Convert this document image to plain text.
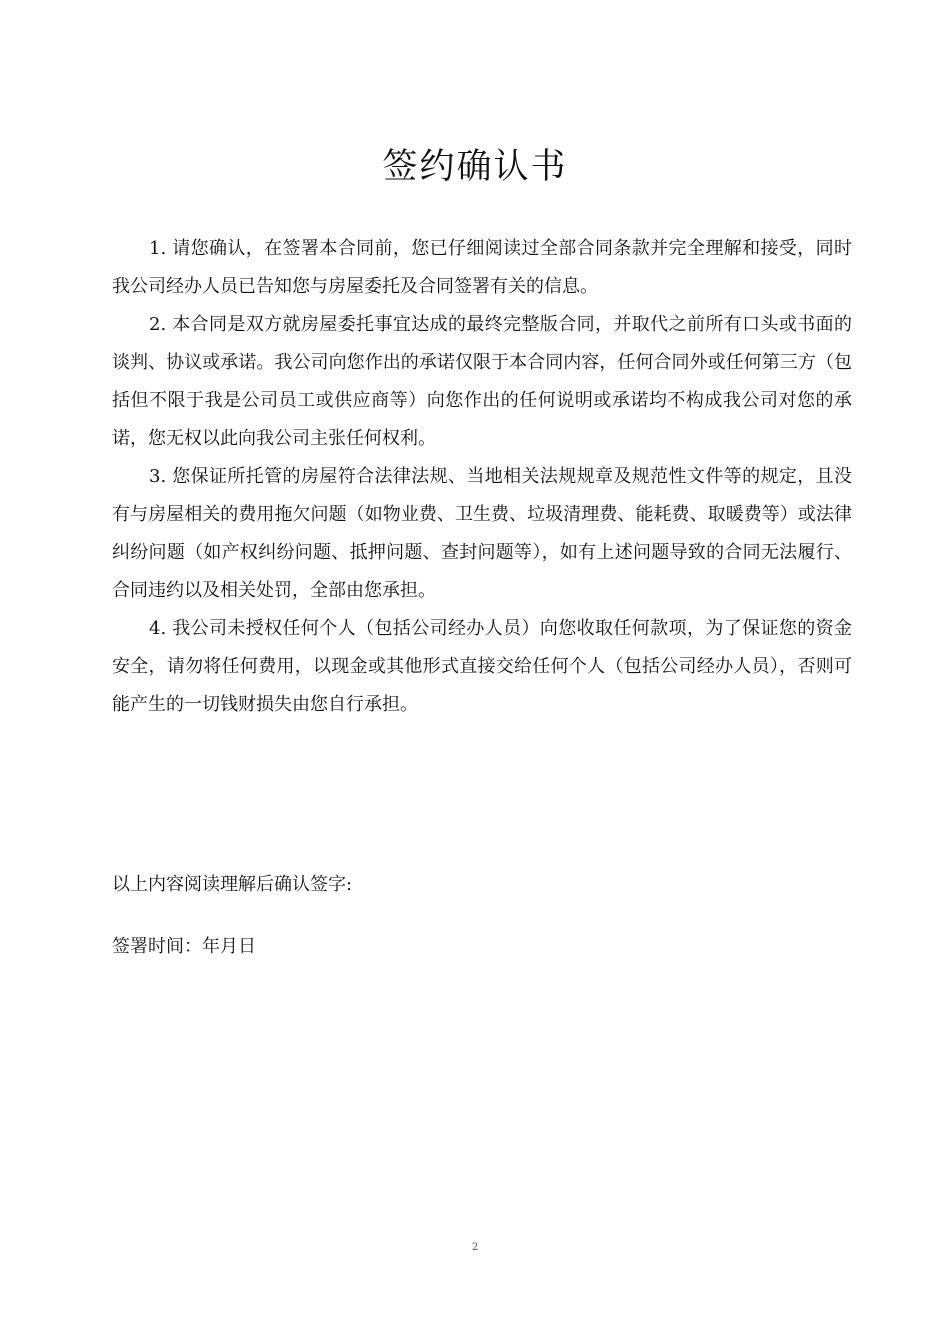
签约确认书

1. 请您确认，在签署本合同前，您已仔细阅读过全部合同条款并完全理解和接受，同时我公司经办人员已告知您与房屋委托及合同签署有关的信息。

2. 本合同是双方就房屋委托事宜达成的最终完整版合同，并取代之前所有口头或书面的谈判、协议或承诺。我公司向您作出的承诺仅限于本合同内容，任何合同外或任何第三方（包括但不限于我是公司员工或供应商等）向您作出的任何说明或承诺均不构成我公司对您的承诺，您无权以此向我公司主张任何权利。

3. 您保证所托管的房屋符合法律法规、当地相关法规规章及规范性文件等的规定，且没有与房屋相关的费用拖欠问题（如物业费、卫生费、垃圾清理费、能耗费、取暖费等）或法律纠纷问题（如产权纠纷问题、抵押问题、查封问题等），如有上述问题导致的合同无法履行、合同违约以及相关处罚，全部由您承担。

4. 我公司未授权任何个人（包括公司经办人员）向您收取任何款项，为了保证您的资金安全，请勿将任何费用，以现金或其他形式直接交给任何个人（包括公司经办人员），否则可能产生的一切钱财损失由您自行承担。

以上内容阅读理解后确认签字:

签署时间：年月日

2
